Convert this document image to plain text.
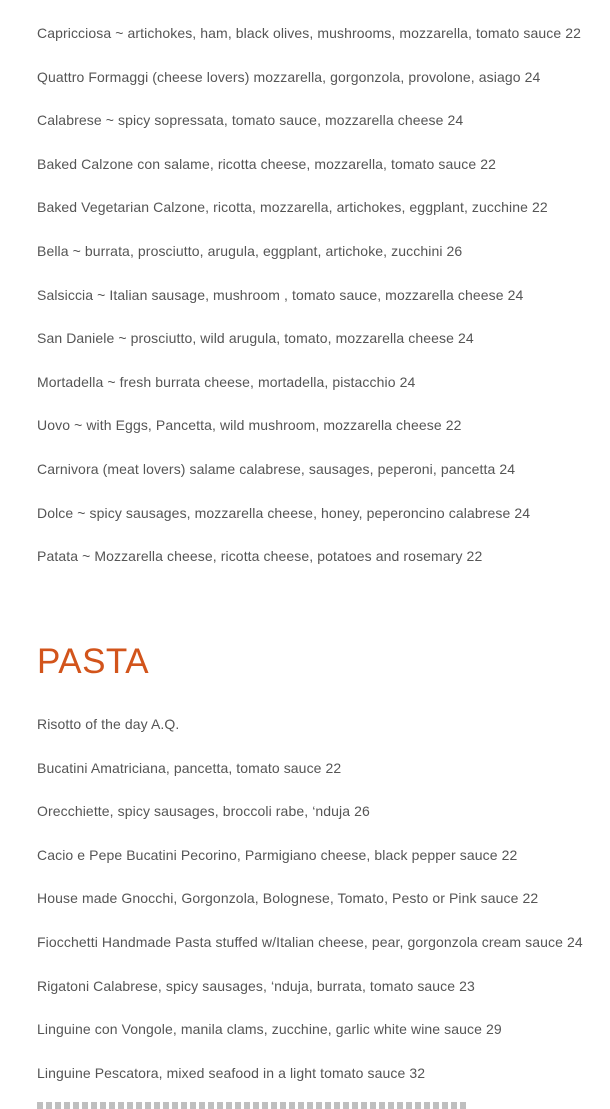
Capricciosa ~ artichokes, ham, black olives, mushrooms, mozzarella, tomato sauce 22
Quattro Formaggi (cheese lovers) mozzarella, gorgonzola, provolone, asiago 24
Calabrese ~ spicy sopressata, tomato sauce, mozzarella cheese 24
Baked Calzone con salame, ricotta cheese, mozzarella, tomato sauce 22
Baked Vegetarian Calzone, ricotta, mozzarella, artichokes, eggplant, zucchine 22
Bella ~ burrata, prosciutto, arugula, eggplant, artichoke, zucchini 26
Salsiccia ~ Italian sausage, mushroom , tomato sauce, mozzarella cheese 24
San Daniele ~ prosciutto, wild arugula, tomato, mozzarella cheese 24
Mortadella ~ fresh burrata cheese, mortadella, pistacchio 24
Uovo ~ with Eggs, Pancetta, wild mushroom, mozzarella cheese 22
Carnivora (meat lovers) salame calabrese, sausages, peperoni, pancetta 24
Dolce ~ spicy sausages, mozzarella cheese, honey, peperoncino calabrese 24
Patata ~ Mozzarella cheese, ricotta cheese, potatoes and rosemary 22
PASTA
Risotto of the day A.Q.
Bucatini Amatriciana, pancetta, tomato sauce 22
Orecchiette, spicy sausages, broccoli rabe, ‘nduja 26
Cacio e Pepe Bucatini Pecorino, Parmigiano cheese, black pepper sauce 22
House made Gnocchi, Gorgonzola, Bolognese, Tomato, Pesto or Pink sauce 22
Fiocchetti Handmade Pasta stuffed w/Italian cheese, pear, gorgonzola cream sauce 24
Rigatoni Calabrese, spicy sausages, ‘nduja, burrata, tomato sauce 23
Linguine con Vongole, manila clams, zucchine, garlic white wine sauce 29
Linguine Pescatora, mixed seafood in a light tomato sauce 32
